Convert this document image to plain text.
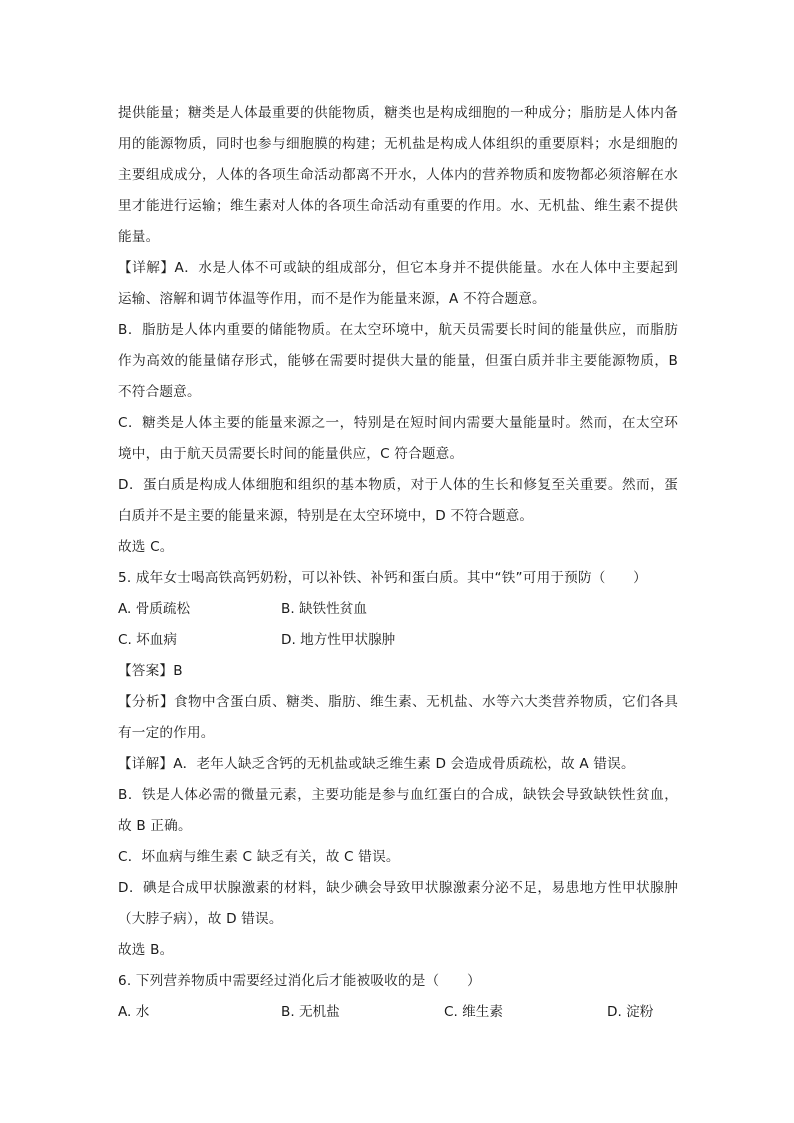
提供能量；糖类是人体最重要的供能物质，糖类也是构成细胞的一种成分；脂肪是人体内备用的能源物质，同时也参与细胞膜的构建；无机盐是构成人体组织的重要原料；水是细胞的主要组成成分，人体的各项生命活动都离不开水，人体内的营养物质和废物都必须溶解在水里才能进行运输；维生素对人体的各项生命活动有重要的作用。水、无机盐、维生素不提供能量。

【详解】A．水是人体不可或缺的组成部分，但它本身并不提供能量。水在人体中主要起到运输、溶解和调节体温等作用，而不是作为能量来源，A 不符合题意。

B．脂肪是人体内重要的储能物质。在太空环境中，航天员需要长时间的能量供应，而脂肪作为高效的能量储存形式，能够在需要时提供大量的能量，但蛋白质并非主要能源物质，B 不符合题意。

C．糖类是人体主要的能量来源之一，特别是在短时间内需要大量能量时。然而，在太空环境中，由于航天员需要长时间的能量供应，C 符合题意。

D．蛋白质是构成人体细胞和组织的基本物质，对于人体的生长和修复至关重要。然而，蛋白质并不是主要的能量来源，特别是在太空环境中，D 不符合题意。

故选 C。

5. 成年女士喝高铁高钙奶粉，可以补铁、补钙和蛋白质。其中“铁”可用于预防（　　）

A. 骨质疏松	B. 缺铁性贫血
C. 坏血病	D. 地方性甲状腺肿

【答案】B

【分析】食物中含蛋白质、糖类、脂肪、维生素、无机盐、水等六大类营养物质，它们各具有一定的作用。

【详解】A．老年人缺乏含钙的无机盐或缺乏维生素 D 会造成骨质疏松，故 A 错误。

B．铁是人体必需的微量元素，主要功能是参与血红蛋白的合成，缺铁会导致缺铁性贫血，故 B 正确。

C．坏血病与维生素 C 缺乏有关，故 C 错误。

D．碘是合成甲状腺激素的材料，缺少碘会导致甲状腺激素分泌不足，易患地方性甲状腺肿（大脖子病），故 D 错误。

故选 B。

6. 下列营养物质中需要经过消化后才能被吸收的是（　　）

A. 水	B. 无机盐	C. 维生素	D. 淀粉
